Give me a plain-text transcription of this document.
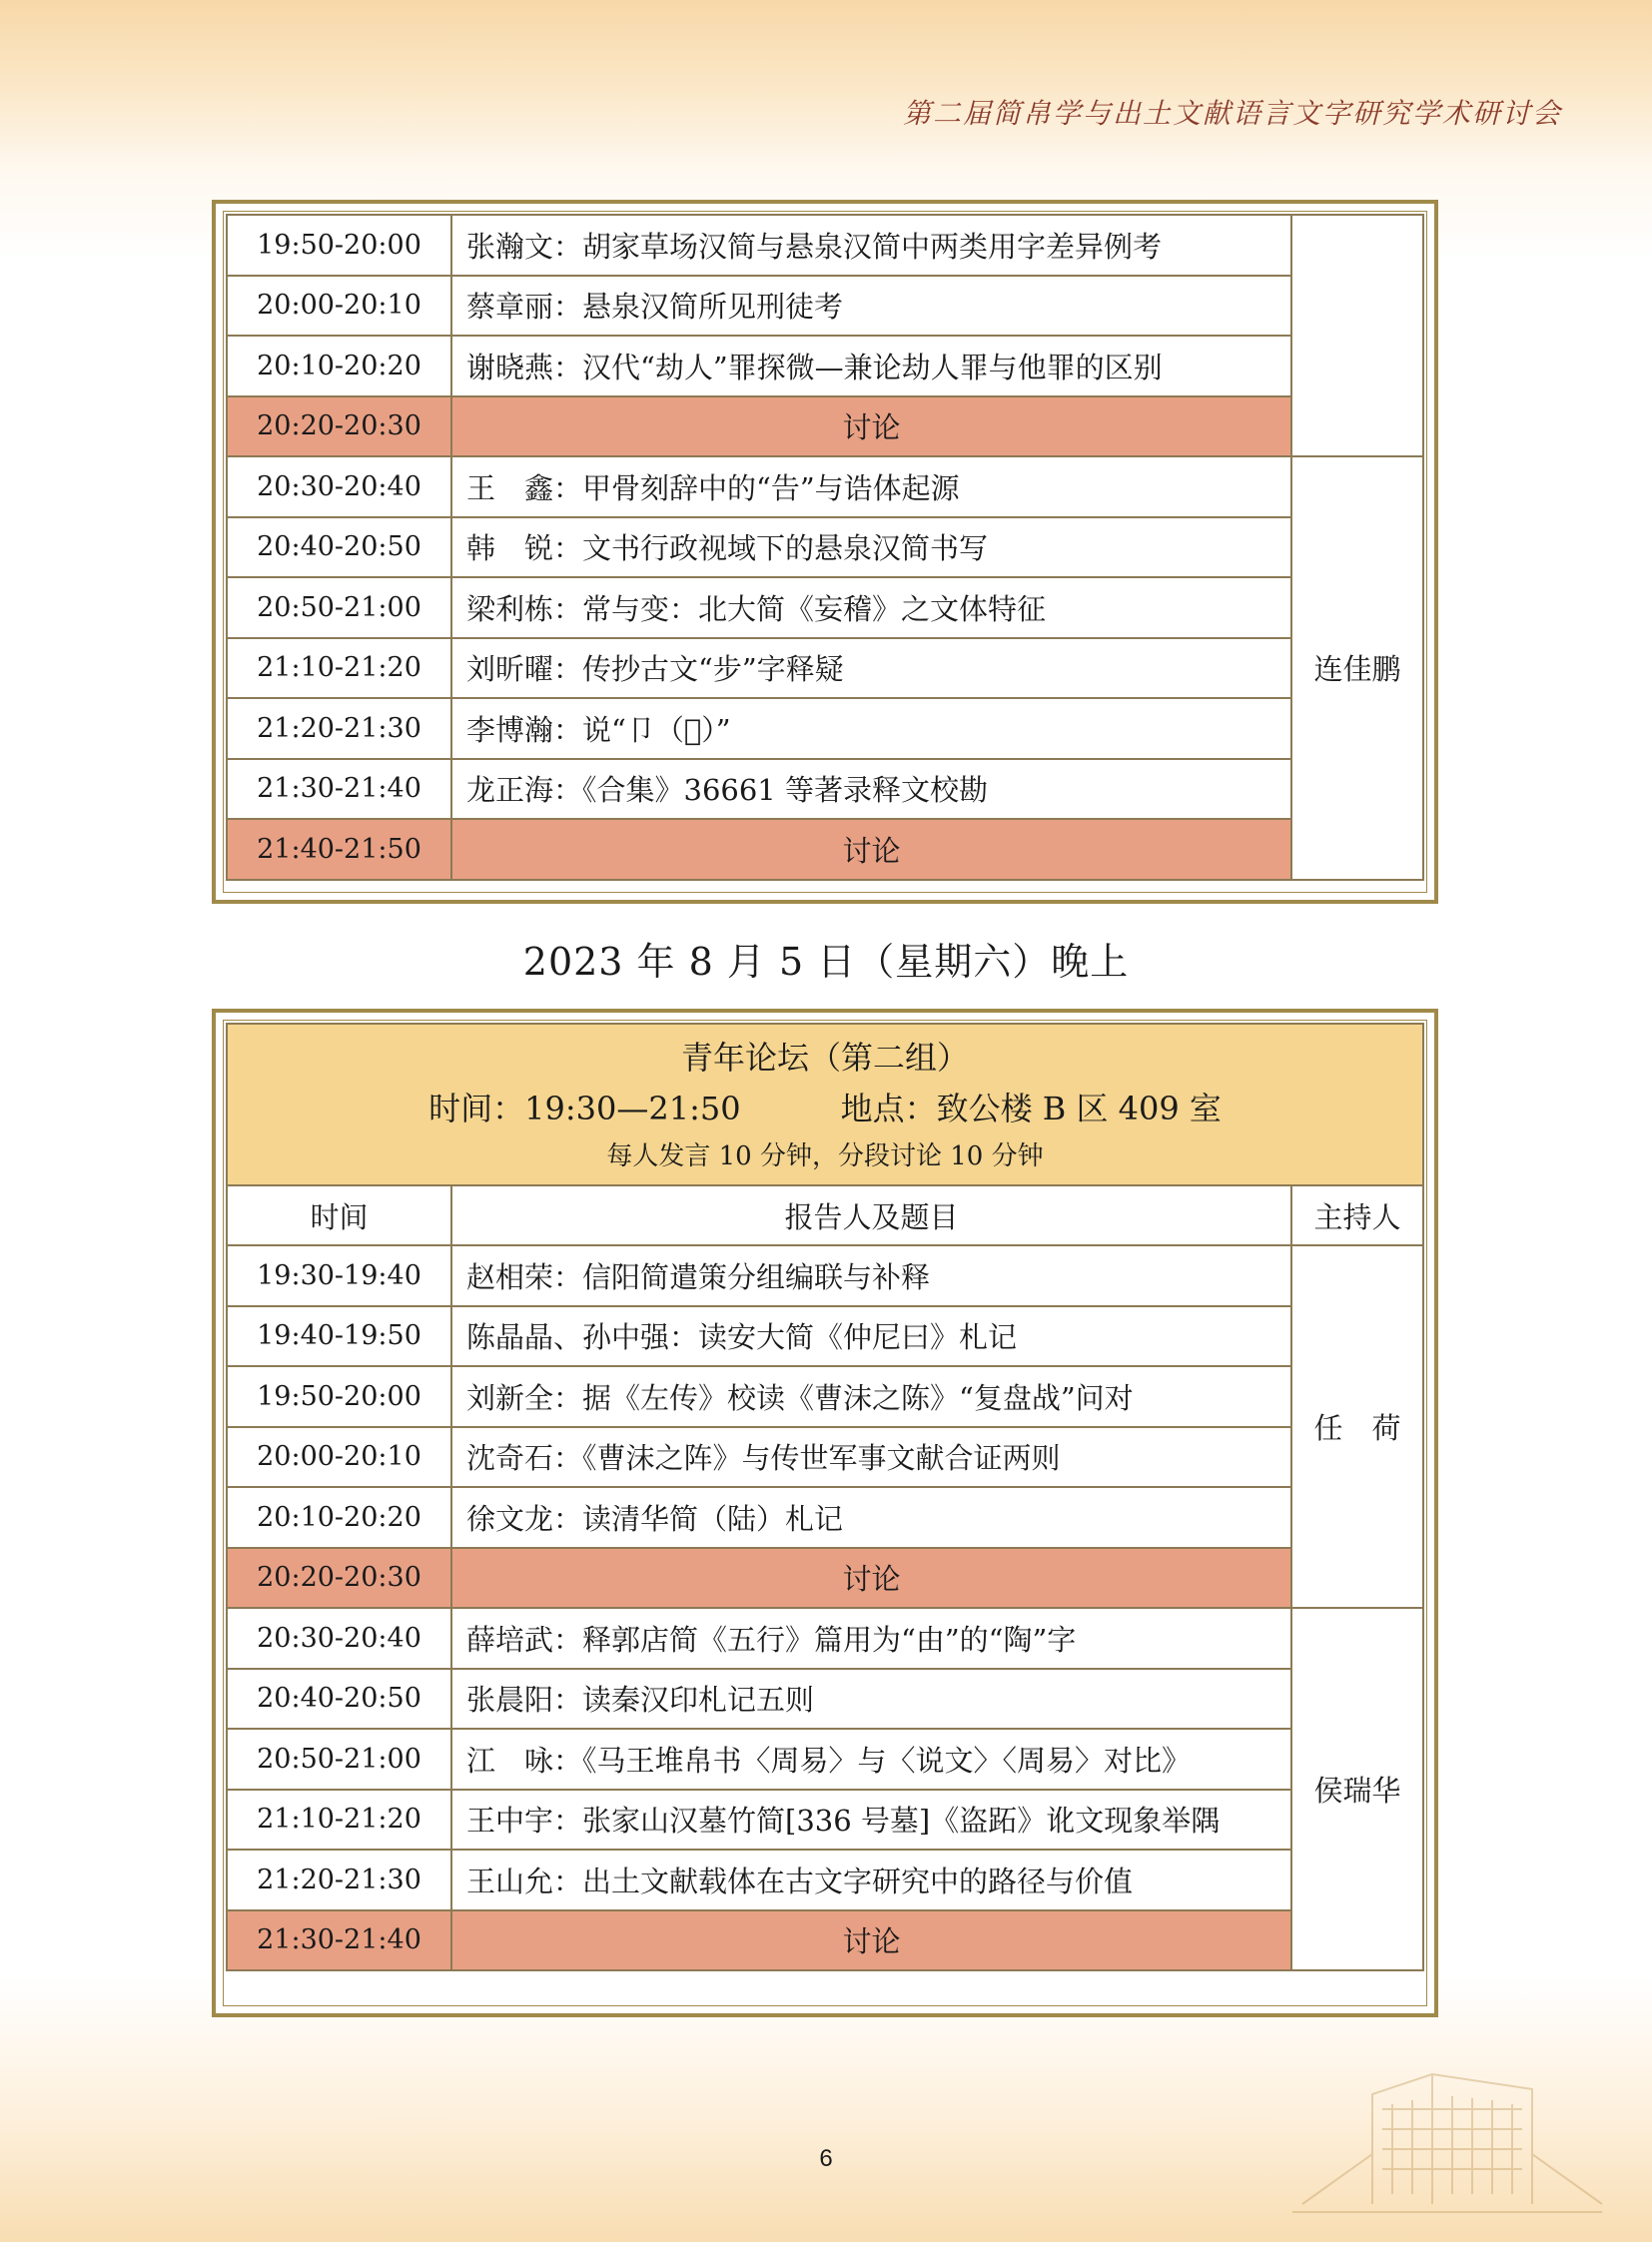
第二届简帛学与出土文献语言文字研究学术研讨会
19:50-20:00	张瀚文：胡家草场汉简与悬泉汉简中两类用字差异例考	
20:00-20:10	蔡章丽：悬泉汉简所见刑徒考	
20:10-20:20	谢晓燕：汉代“劫人”罪探微—兼论劫人罪与他罪的区别	
20:20-20:30	讨论	
20:30-20:40	王　鑫：甲骨刻辞中的“告”与诰体起源	连佳鹏
20:40-20:50	韩　锐：文书行政视域下的悬泉汉简书写	
20:50-21:00	梁利栋：常与变：北大简《妄稽》之文体特征	
21:10-21:20	刘昕曜：传抄古文“步”字释疑	
21:20-21:30	李博瀚：说“卩（𠃨）”	
21:30-21:40	龙正海：《合集》36661 等著录释文校勘	
21:40-21:50	讨论	
2023 年 8 月 5 日（星期六）晚上
青年论坛（第二组）
时间：19:30—21:50 地点：致公楼 B 区 409 室
每人发言 10 分钟，分段讨论 10 分钟		

时间	报告人及题目	主持人
19:30-19:40	赵相荣：信阳简遣策分组编联与补释	任　荷
19:40-19:50	陈晶晶、孙中强：读安大简《仲尼曰》札记	
19:50-20:00	刘新全：据《左传》校读《曹沫之陈》“复盘战”问对	
20:00-20:10	沈奇石：《曹沫之阵》与传世军事文献合证两则	
20:10-20:20	徐文龙：读清华简（陆）札记	
20:20-20:30	讨论	
20:30-20:40	薛培武：释郭店简《五行》篇用为“由”的“陶”字	侯瑞华
20:40-20:50	张晨阳：读秦汉印札记五则	
20:50-21:00	江　咏：《马王堆帛书〈周易〉与〈说文〉〈周易〉对比》	
21:10-21:20	王中宇：张家山汉墓竹简[336 号墓]《盗跖》讹文现象举隅	
21:20-21:30	王山允：出土文献载体在古文字研究中的路径与价值	
21:30-21:40	讨论	
6
